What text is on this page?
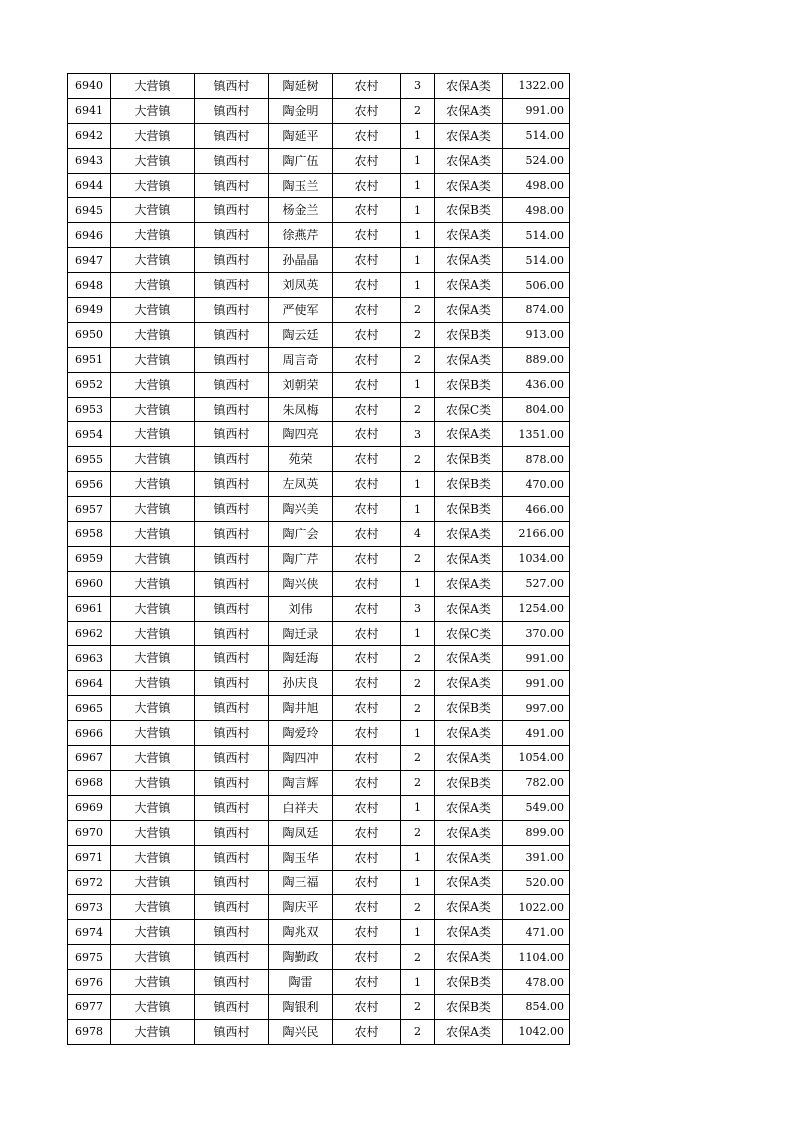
6940	大营镇	镇西村	陶延树	农村	3	农保A类	1322.00
6941	大营镇	镇西村	陶金明	农村	2	农保A类	991.00
6942	大营镇	镇西村	陶延平	农村	1	农保A类	514.00
6943	大营镇	镇西村	陶广伍	农村	1	农保A类	524.00
6944	大营镇	镇西村	陶玉兰	农村	1	农保A类	498.00
6945	大营镇	镇西村	杨金兰	农村	1	农保B类	498.00
6946	大营镇	镇西村	徐燕芹	农村	1	农保A类	514.00
6947	大营镇	镇西村	孙晶晶	农村	1	农保A类	514.00
6948	大营镇	镇西村	刘凤英	农村	1	农保A类	506.00
6949	大营镇	镇西村	严使军	农村	2	农保A类	874.00
6950	大营镇	镇西村	陶云廷	农村	2	农保B类	913.00
6951	大营镇	镇西村	周言奇	农村	2	农保A类	889.00
6952	大营镇	镇西村	刘朝荣	农村	1	农保B类	436.00
6953	大营镇	镇西村	朱凤梅	农村	2	农保C类	804.00
6954	大营镇	镇西村	陶四亮	农村	3	农保A类	1351.00
6955	大营镇	镇西村	苑荣	农村	2	农保B类	878.00
6956	大营镇	镇西村	左凤英	农村	1	农保B类	470.00
6957	大营镇	镇西村	陶兴美	农村	1	农保B类	466.00
6958	大营镇	镇西村	陶广会	农村	4	农保A类	2166.00
6959	大营镇	镇西村	陶广芹	农村	2	农保A类	1034.00
6960	大营镇	镇西村	陶兴侠	农村	1	农保A类	527.00
6961	大营镇	镇西村	刘伟	农村	3	农保A类	1254.00
6962	大营镇	镇西村	陶迁录	农村	1	农保C类	370.00
6963	大营镇	镇西村	陶廷海	农村	2	农保A类	991.00
6964	大营镇	镇西村	孙庆良	农村	2	农保A类	991.00
6965	大营镇	镇西村	陶井旭	农村	2	农保B类	997.00
6966	大营镇	镇西村	陶爱玲	农村	1	农保A类	491.00
6967	大营镇	镇西村	陶四冲	农村	2	农保A类	1054.00
6968	大营镇	镇西村	陶言辉	农村	2	农保B类	782.00
6969	大营镇	镇西村	白祥夫	农村	1	农保A类	549.00
6970	大营镇	镇西村	陶凤廷	农村	2	农保A类	899.00
6971	大营镇	镇西村	陶玉华	农村	1	农保A类	391.00
6972	大营镇	镇西村	陶三福	农村	1	农保A类	520.00
6973	大营镇	镇西村	陶庆平	农村	2	农保A类	1022.00
6974	大营镇	镇西村	陶兆双	农村	1	农保A类	471.00
6975	大营镇	镇西村	陶勤政	农村	2	农保A类	1104.00
6976	大营镇	镇西村	陶雷	农村	1	农保B类	478.00
6977	大营镇	镇西村	陶银利	农村	2	农保B类	854.00
6978	大营镇	镇西村	陶兴民	农村	2	农保A类	1042.00
